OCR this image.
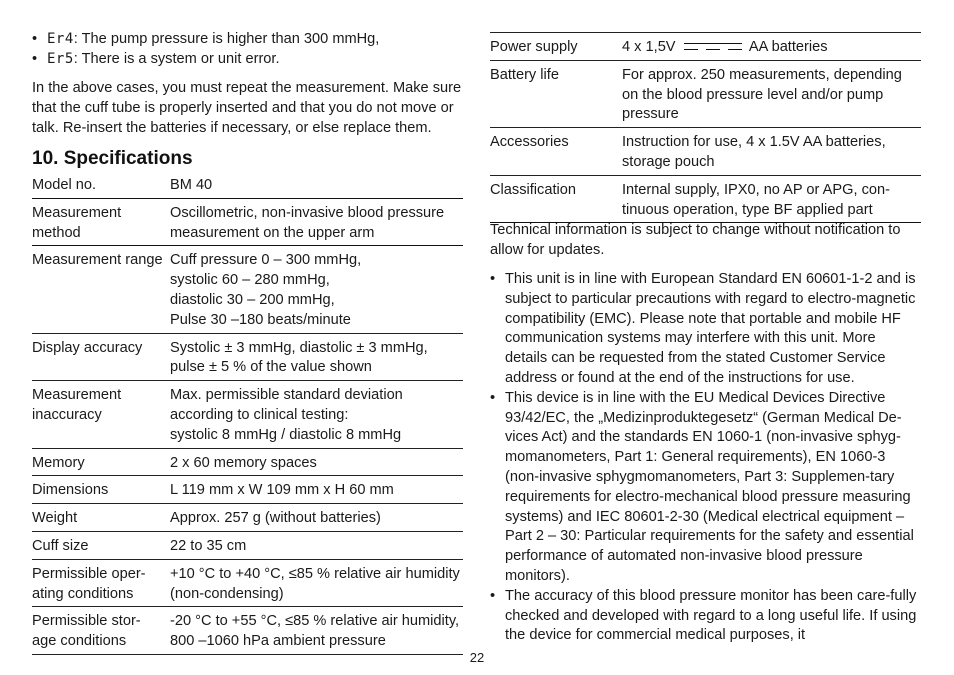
• Er4: The pump pressure is higher than 300 mmHg,
• Er5: There is a system or unit error.

In the above cases, you must repeat the measurement. Make sure that the cuff tube is properly inserted and that you do not move or talk. Re-insert the batteries if necessary, or else replace them.

10. Specifications
Model no.	BM 40
Measurement method	Oscillometric, non-invasive blood pressure measurement on the upper arm
Measurement range	Cuff pressure 0 – 300 mmHg,
systolic 60 – 280 mmHg,
diastolic 30 – 200 mmHg,
Pulse 30 –180 beats/minute
Display accuracy	Systolic ± 3 mmHg, diastolic ± 3 mmHg,
pulse ± 5 % of the value shown
Measurement inaccuracy	Max. permissible standard deviation according to clinical testing:
systolic 8 mmHg / diastolic 8 mmHg
Memory	2 x 60 memory spaces
Dimensions	L 119 mm x W 109 mm x H 60 mm
Weight	Approx. 257 g (without batteries)
Cuff size	22 to 35 cm
Permissible oper-
ating conditions	+10 °C to +40 °C, ≤85 % relative air humidity (non-condensing)
Permissible stor-
age conditions	-20 °C to +55 °C, ≤85 % relative air humidity,
800 –1060 hPa ambient pressure
Power supply	4 x 1,5V AA batteries
Battery life	For approx. 250 measurements, depending on the blood pressure level and/or pump pressure
Accessories	Instruction for use, 4 x 1.5V AA batteries, storage pouch
Classification	Internal supply, IPX0, no AP or APG, con-
tinuous operation, type BF applied part

Technical information is subject to change without notification to allow for updates.

• This unit is in line with European Standard EN 60601-1-2 and is subject to particular precautions with regard to electro-magnetic compatibility (EMC). Please note that portable and mobile HF communication systems may interfere with this unit. More details can be requested from the stated Customer Service address or found at the end of the instructions for use.
• This device is in line with the EU Medical Devices Directive 93/42/EC, the „Medizinproduktegesetz“ (German Medical De-vices Act) and the standards EN 1060-1 (non-invasive sphyg-momanometers, Part 1: General requirements), EN 1060-3 (non-invasive sphygmomanometers, Part 3: Supplemen-tary requirements for electro-mechanical blood pressure measuring systems) and IEC 80601-2-30 (Medical electrical equipment – Part 2 – 30: Particular requirements for the safety and essential performance of automated non-invasive blood pressure monitors).
• The accuracy of this blood pressure monitor has been care-fully checked and developed with regard to a long useful life. If using the device for commercial medical purposes, it
22
